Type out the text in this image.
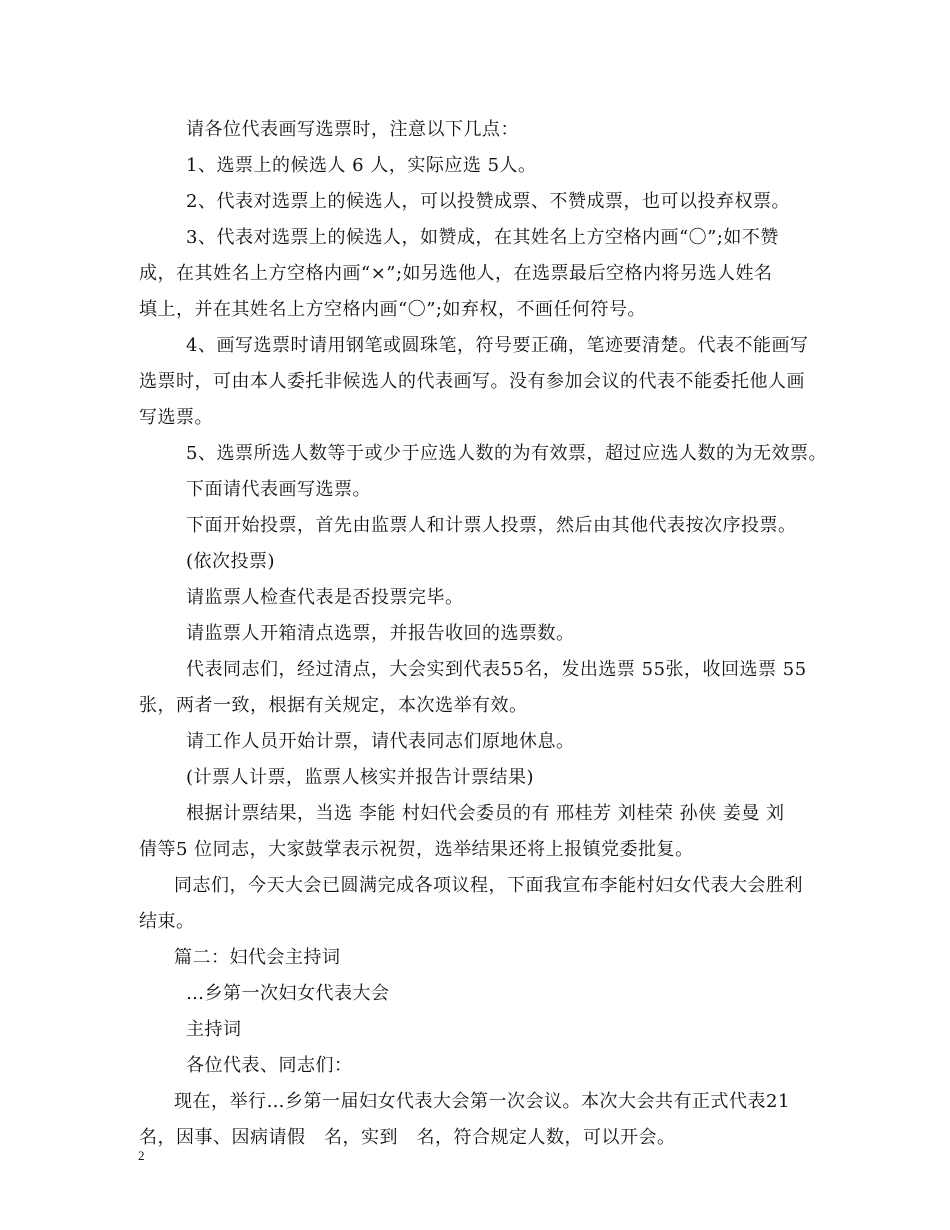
请各位代表画写选票时，注意以下几点：
1、选票上的候选人 6 人，实际应选 5人。
2、代表对选票上的候选人，可以投赞成票、不赞成票，也可以投弃权票。
3、代表对选票上的候选人，如赞成，在其姓名上方空格内画“〇”;如不赞
成，在其姓名上方空格内画“×”;如另选他人，在选票最后空格内将另选人姓名
填上，并在其姓名上方空格内画“〇”;如弃权，不画任何符号。
4、画写选票时请用钢笔或圆珠笔，符号要正确，笔迹要清楚。代表不能画写
选票时，可由本人委托非候选人的代表画写。没有参加会议的代表不能委托他人画
写选票。
5、选票所选人数等于或少于应选人数的为有效票，超过应选人数的为无效票。
下面请代表画写选票。
下面开始投票，首先由监票人和计票人投票，然后由其他代表按次序投票。
(依次投票)
请监票人检查代表是否投票完毕。
请监票人开箱清点选票，并报告收回的选票数。
代表同志们，经过清点，大会实到代表55名，发出选票 55张，收回选票 55
张，两者一致，根据有关规定，本次选举有效。
请工作人员开始计票，请代表同志们原地休息。
(计票人计票，监票人核实并报告计票结果)
根据计票结果，当选 李能 村妇代会委员的有 邢桂芳 刘桂荣 孙侠 姜曼 刘
倩等5 位同志，大家鼓掌表示祝贺，选举结果还将上报镇党委批复。
同志们，今天大会已圆满完成各项议程，下面我宣布李能村妇女代表大会胜利
结束。
篇二：妇代会主持词
…乡第一次妇女代表大会
主持词
各位代表、同志们：
现在，举行…乡第一届妇女代表大会第一次会议。本次大会共有正式代表21
名，因事、因病请假　名，实到　名，符合规定人数，可以开会。
2
